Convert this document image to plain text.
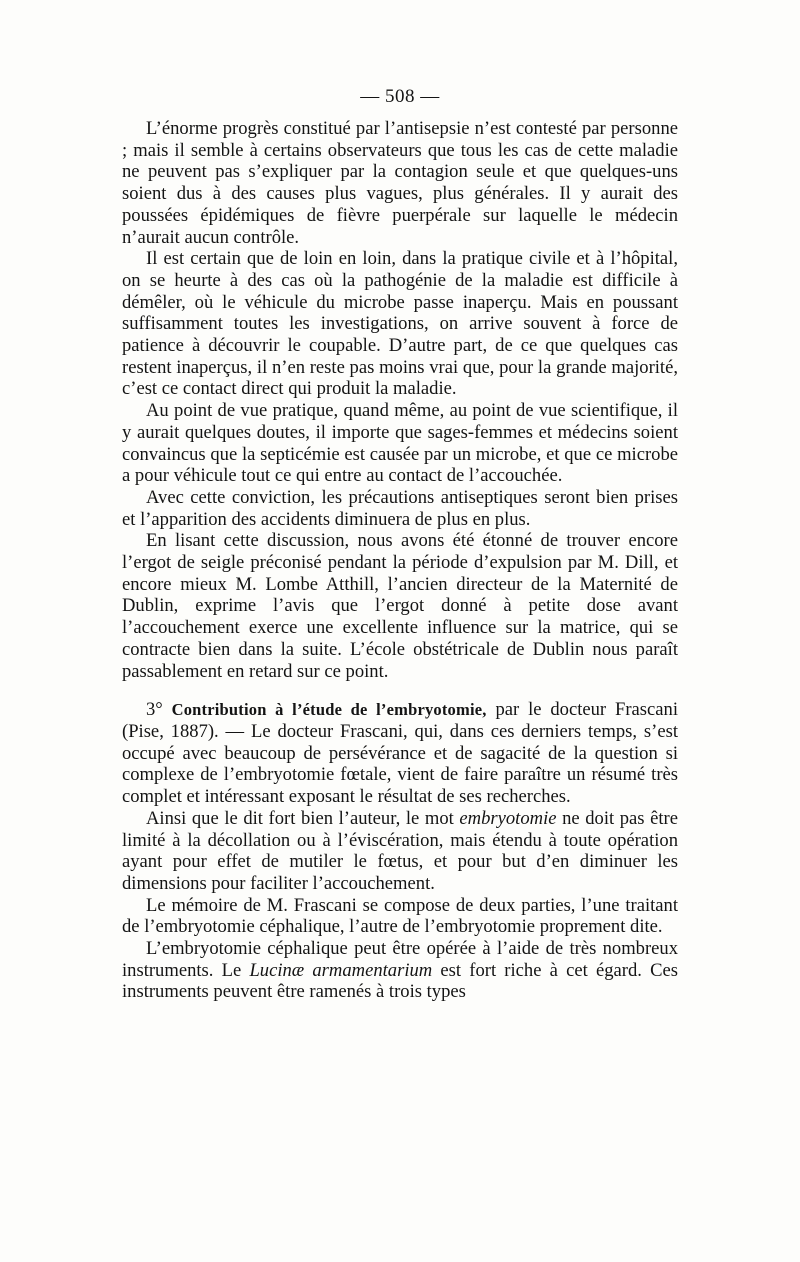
— 508 —

L’énorme progrès constitué par l’antisepsie n’est contesté par personne ; mais il semble à certains observateurs que tous les cas de cette maladie ne peuvent pas s’expliquer par la contagion seule et que quelques-uns soient dus à des causes plus vagues, plus générales. Il y aurait des poussées épidémiques de fièvre puerpérale sur laquelle le médecin n’aurait aucun contrôle.

Il est certain que de loin en loin, dans la pratique civile et à l’hôpital, on se heurte à des cas où la pathogénie de la maladie est difficile à démêler, où le véhicule du microbe passe inaperçu. Mais en poussant suffisamment toutes les investigations, on arrive souvent à force de patience à découvrir le coupable. D’autre part, de ce que quelques cas restent inaperçus, il n’en reste pas moins vrai que, pour la grande majorité, c’est ce contact direct qui produit la maladie.

Au point de vue pratique, quand même, au point de vue scientifique, il y aurait quelques doutes, il importe que sages-femmes et médecins soient convaincus que la septicémie est causée par un microbe, et que ce microbe a pour véhicule tout ce qui entre au contact de l’accouchée.

Avec cette conviction, les précautions antiseptiques seront bien prises et l’apparition des accidents diminuera de plus en plus.

En lisant cette discussion, nous avons été étonné de trouver encore l’ergot de seigle préconisé pendant la période d’expulsion par M. Dill, et encore mieux M. Lombe Atthill, l’ancien directeur de la Maternité de Dublin, exprime l’avis que l’ergot donné à petite dose avant l’accouchement exerce une excellente influence sur la matrice, qui se contracte bien dans la suite. L’école obstétricale de Dublin nous paraît passablement en retard sur ce point.

3° Contribution à l’étude de l’embryotomie, par le docteur Frascani (Pise, 1887). — Le docteur Frascani, qui, dans ces derniers temps, s’est occupé avec beaucoup de persévérance et de sagacité de la question si complexe de l’embryotomie fœtale, vient de faire paraître un résumé très complet et intéressant exposant le résultat de ses recherches.

Ainsi que le dit fort bien l’auteur, le mot embryotomie ne doit pas être limité à la décollation ou à l’éviscération, mais étendu à toute opération ayant pour effet de mutiler le fœtus, et pour but d’en diminuer les dimensions pour faciliter l’accouchement.

Le mémoire de M. Frascani se compose de deux parties, l’une traitant de l’embryotomie céphalique, l’autre de l’embryotomie proprement dite.

L’embryotomie céphalique peut être opérée à l’aide de très nombreux instruments. Le Lucinæ armamentarium est fort riche à cet égard. Ces instruments peuvent être ramenés à trois types
